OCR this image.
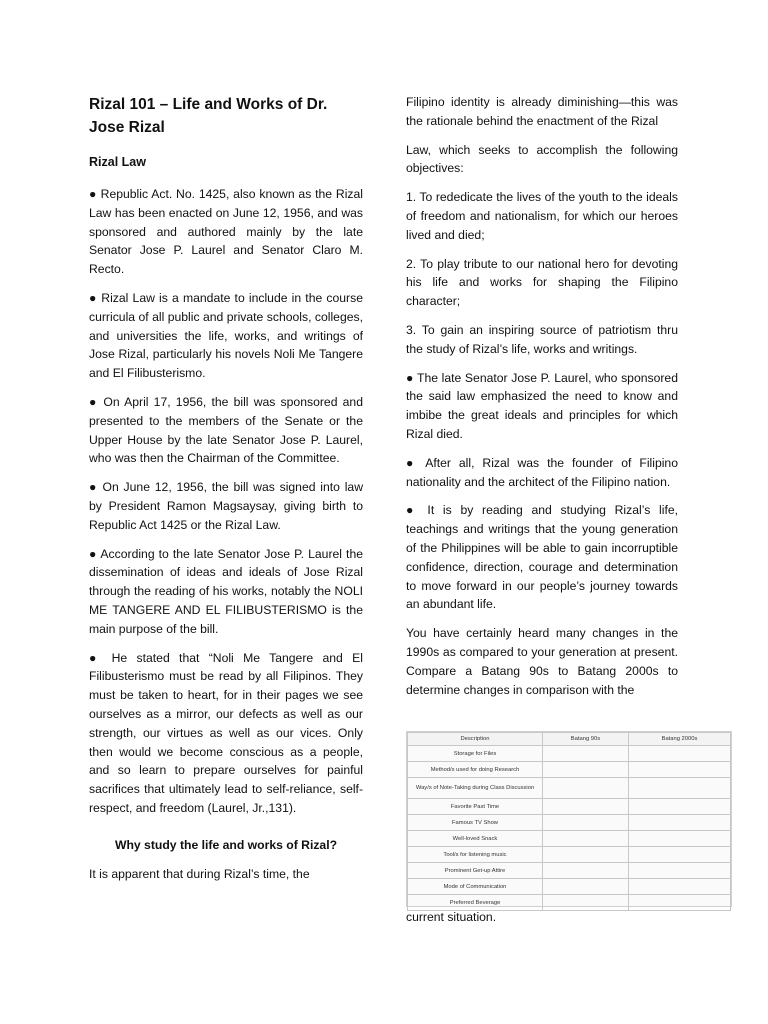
Rizal 101 – Life and Works of Dr. Jose Rizal
Rizal Law
● Republic Act. No. 1425, also known as the Rizal Law has been enacted on June 12, 1956, and was sponsored and authored mainly by the late Senator Jose P. Laurel and Senator Claro M. Recto.
● Rizal Law is a mandate to include in the course curricula of all public and private schools, colleges, and universities the life, works, and writings of Jose Rizal, particularly his novels Noli Me Tangere and El Filibusterismo.
● On April 17, 1956, the bill was sponsored and presented to the members of the Senate or the Upper House by the late Senator Jose P. Laurel, who was then the Chairman of the Committee.
● On June 12, 1956, the bill was signed into law by President Ramon Magsaysay, giving birth to Republic Act 1425 or the Rizal Law.
● According to the late Senator Jose P. Laurel the dissemination of ideas and ideals of Jose Rizal through the reading of his works, notably the NOLI ME TANGERE AND EL FILIBUSTERISMO is the main purpose of the bill.
● He stated that “Noli Me Tangere and El Filibusterismo must be read by all Filipinos. They must be taken to heart, for in their pages we see ourselves as a mirror, our defects as well as our strength, our virtues as well as our vices. Only then would we become conscious as a people, and so learn to prepare ourselves for painful sacrifices that ultimately lead to self-reliance, self-respect, and freedom (Laurel, Jr.,131).
Why study the life and works of Rizal?
It is apparent that during Rizal’s time, the
Filipino identity is already diminishing—this was the rationale behind the enactment of the Rizal
Law, which seeks to accomplish the following objectives:
1. To rededicate the lives of the youth to the ideals of freedom and nationalism, for which our heroes lived and died;
2. To play tribute to our national hero for devoting his life and works for shaping the Filipino character;
3. To gain an inspiring source of patriotism thru the study of Rizal’s life, works and writings.
● The late Senator Jose P. Laurel, who sponsored the said law emphasized the need to know and imbibe the great ideals and principles for which Rizal died.
● After all, Rizal was the founder of Filipino nationality and the architect of the Filipino nation.
● It is by reading and studying Rizal’s life, teachings and writings that the young generation of the Philippines will be able to gain incorruptible confidence, direction, courage and determination to move forward in our people’s journey towards an abundant life.
You have certainly heard many changes in the 1990s as compared to your generation at present. Compare a Batang 90s to Batang 2000s to determine changes in comparison with the
Description	Batang 90s	Batang 2000s
Storage for Files		
Method/s used for doing Research		
Way/s of Note-Taking during Class Discussion		
Favorite Past Time		
Famous TV Show		
Well-loved Snack		
Tool/s for listening music		
Prominent Get-up Attire		
Mode of Communication		
Preferred Beverage		
current situation.
